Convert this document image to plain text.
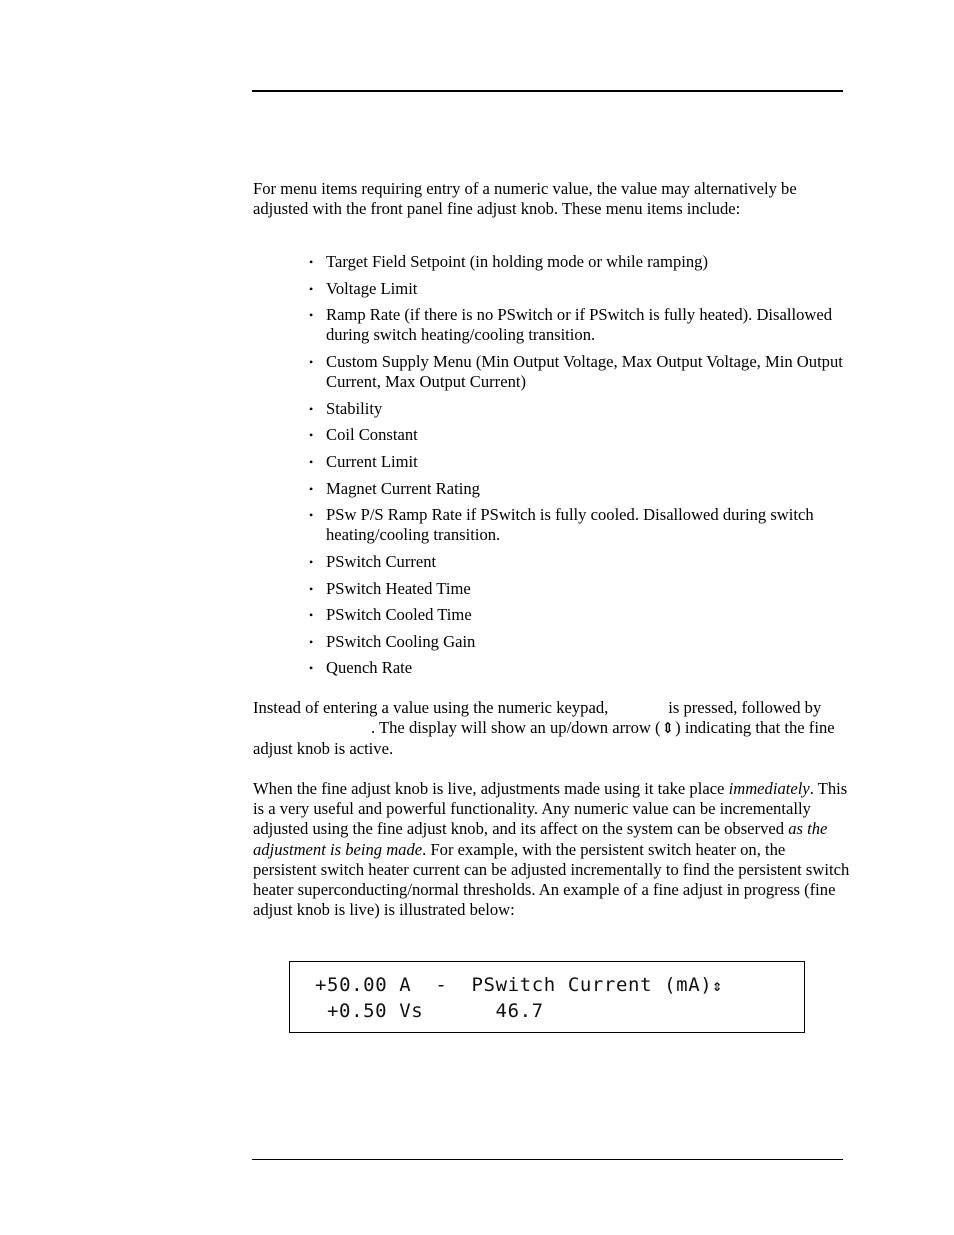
For menu items requiring entry of a numeric value, the value may alternatively be adjusted with the front panel fine adjust knob. These menu items include:

• Target Field Setpoint (in holding mode or while ramping)
• Voltage Limit
• Ramp Rate (if there is no PSwitch or if PSwitch is fully heated). Disallowed during switch heating/cooling transition.
• Custom Supply Menu (Min Output Voltage, Max Output Voltage, Min Output Current, Max Output Current)
• Stability
• Coil Constant
• Current Limit
• Magnet Current Rating
• PSw P/S Ramp Rate if PSwitch is fully cooled. Disallowed during switch heating/cooling transition.
• PSwitch Current
• PSwitch Heated Time
• PSwitch Cooled Time
• PSwitch Cooling Gain
• Quench Rate

Instead of entering a value using the numeric keypad,	is pressed, followed by. The display will show an up/down arrow (⇕) indicating that the fine adjust knob is active.

When the fine adjust knob is live, adjustments made using it take place immediately. This is a very useful and powerful functionality. Any numeric value can be incrementally adjusted using the fine adjust knob, and its affect on the system can be observed as the adjustment is being made. For example, with the persistent switch heater on, the persistent switch heater current can be adjusted incrementally to find the persistent switch heater superconducting/normal thresholds. An example of a fine adjust in progress (fine adjust knob is live) is illustrated below:

+50.00 A  -  PSwitch Current (mA)⇕
+0.50 Vs      46.7
